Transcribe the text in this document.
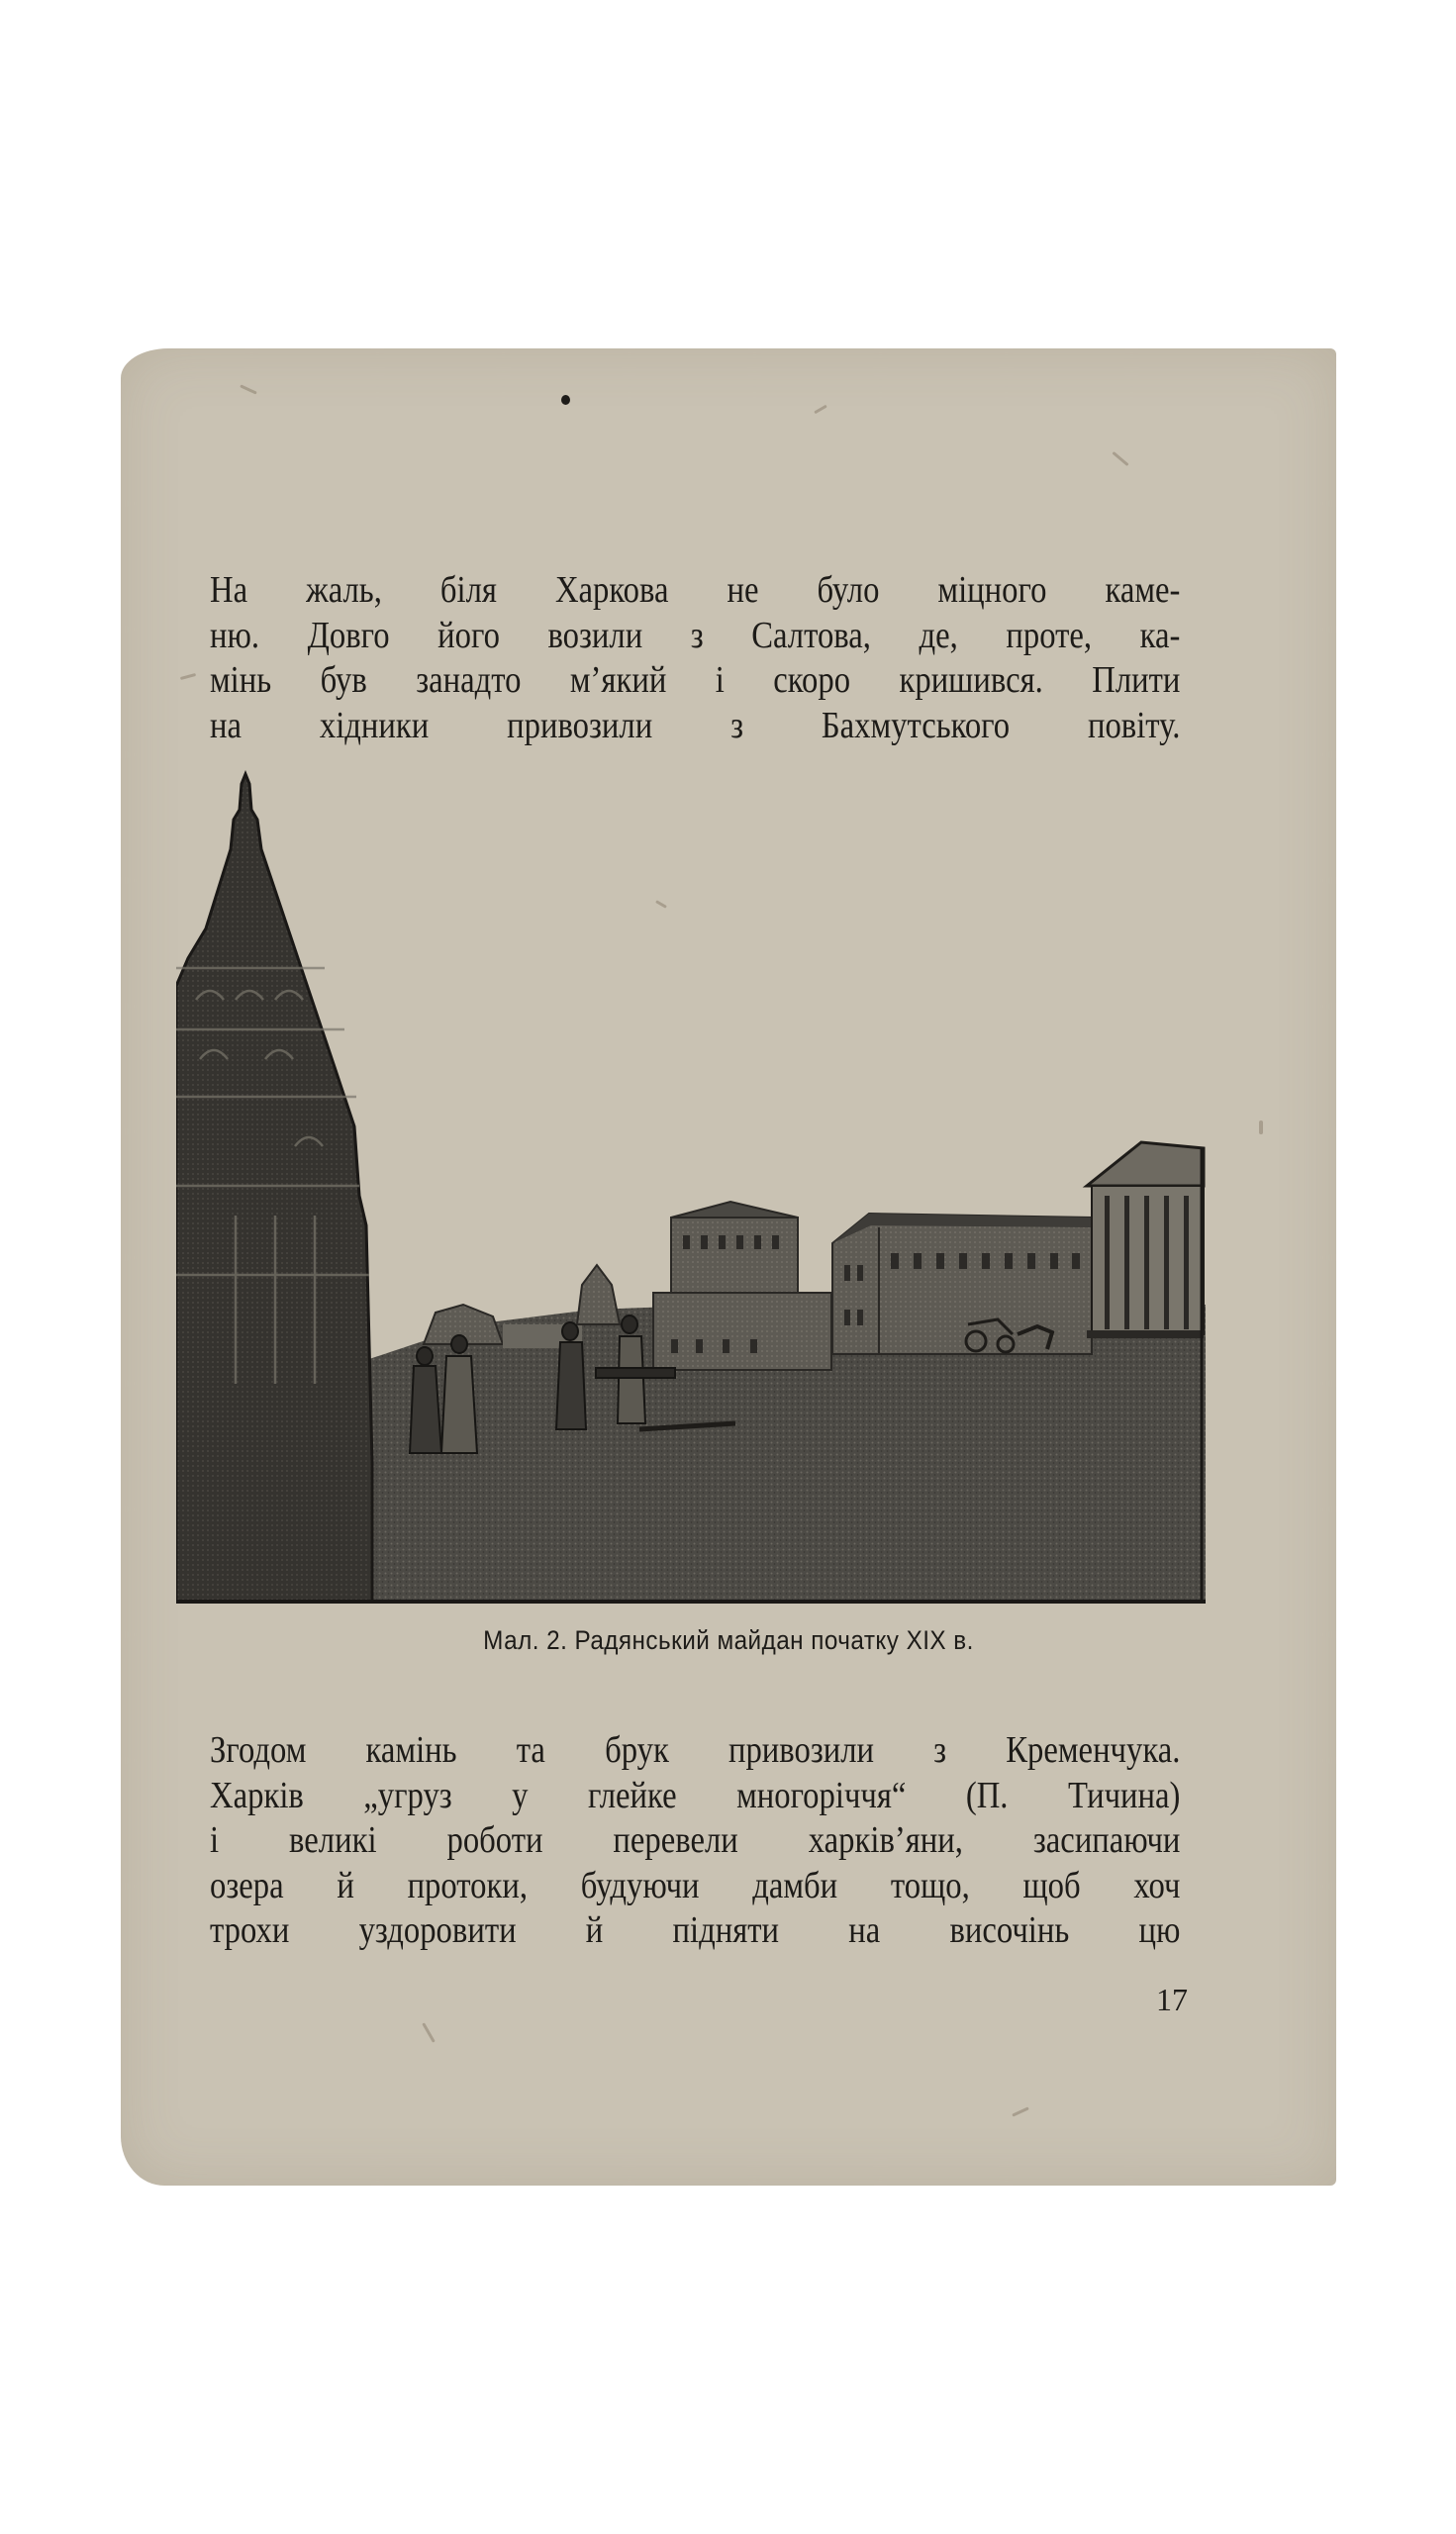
На жаль, біля Харкова не було міцного каме-
ню. Довго його возили з Салтова, де, проте, ка-
мінь був занадто м’який і скоро кришився. Плити
на хідники привозили з Бахмутського повіту.
Мал. 2. Радянський майдан початку XIX в.
Згодом камінь та брук привозили з Кременчука.
Харків „угруз у глейке многоріччя“ (П. Тичина)
і великі роботи перевели харків’яни, засипаючи
озера й протоки, будуючи дамби тощо, щоб хоч
трохи уздоровити й підняти на височінь цю
17
